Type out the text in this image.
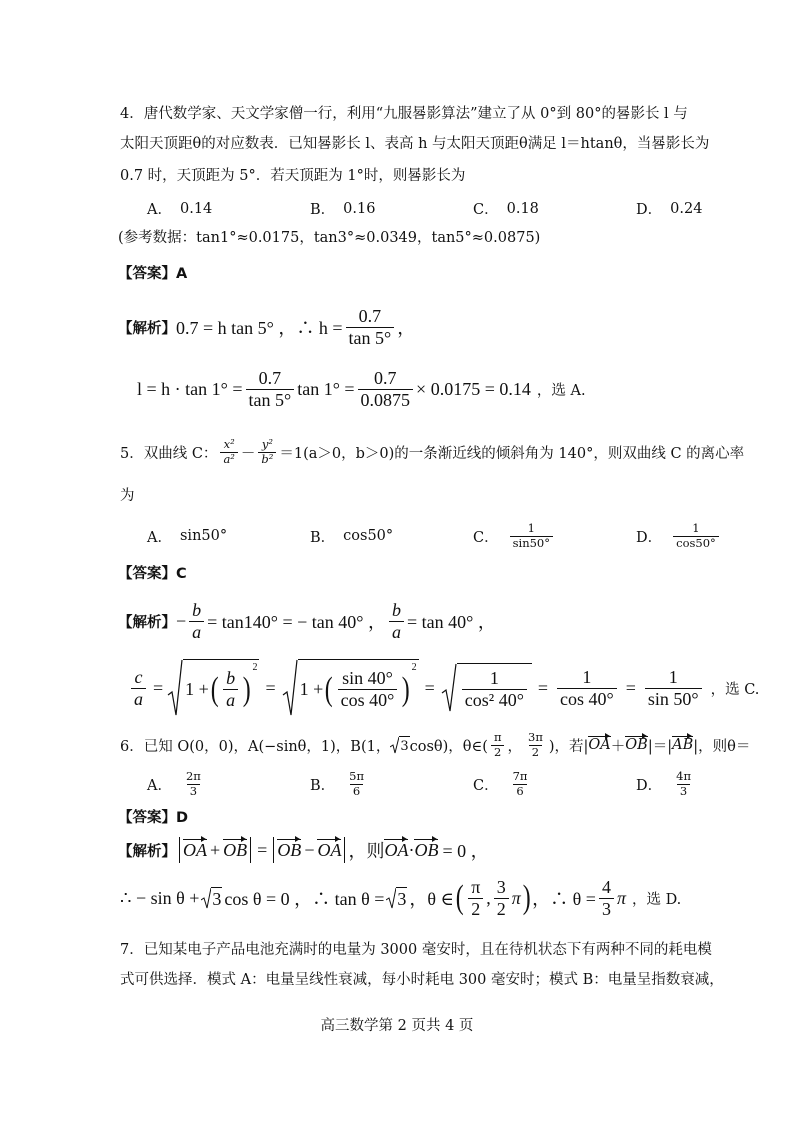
4．唐代数学家、天文学家僧一行，利用“九服晷影算法”建立了从 0°到 80°的晷影长 l 与
太阳天顶距θ的对应数表．已知晷影长 l、表高 h 与太阳天顶距θ满足 l＝htanθ，当晷影长为
0.7 时，天顶距为 5°．若天顶距为 1°时，则晷影长为
A． 0.14	B． 0.16	C． 0.18	D． 0.24
(参考数据：tan1°≈0.0175，tan3°≈0.0349，tan5°≈0.0875)
【答案】A
【解析】 0.7 = h tan 5° ，∴ $h = \frac{0.7}{\tan 5^\circ}$ ，
$l = h \cdot \tan 1^\circ = \frac{0.7}{\tan 5^\circ}$ $\tan 1^\circ = \frac{0.7}{0.0875} \times 0.0175 = 0.14$ ，选 A.
5．双曲线 C： $\frac{\text{x²}}{\text{a²}} - \frac{\text{y²}}{\text{b²}} =1(a>0$，b＞0)的一条渐近线的倾斜角为 140°，则双曲线 C 的离心率
为
A． sin50°	B． cos50°	C． $\frac{1}{\sin 50^\circ}$	D． $\frac{1}{\cos 50^\circ}$
【答案】C
【解析】 − $\frac{b}{a} = \tan 140^\circ$ = − tan 40° ， $\frac{b}{a} = \tan 40^\circ$ ，
$\frac{c}{a} = 1$ + ( $\frac{b}{a}$ )
2
= 1 + ( $\frac{\sin 40^\circ}{\cos 40^\circ}$ )
2
= $\frac{1}{\text{cos² 40°}} = \frac{1}{\cos 40^\circ} = \frac{1}{\sin 50^\circ}$ ，选 C.
6．已知 O(0，0)，A(−sinθ，1)，B(1， 3 cosθ)，θ∈( $\frac{\pi}{2}$ ， $\frac{3\pi}{2}$ )，若| OA ＋ OB |＝| AB |，则θ＝
A． $\frac{2\pi}{3}$	B． $\frac{5\pi}{6}$	C． $\frac{7\pi}{6}$	D． $\frac{4\pi}{3}$
【答案】D
【解析】 OA + OB = OB − OA ，则 OA · OB = 0 ，
∴ − sin θ + 3 cos θ = 0 ，∴ tan θ = 3 ，θ ∈ ( $\frac{\pi}{2}$ , $\frac{3}{2}$ π ) ，∴ $\theta = \frac{4}{3}$ π ，选 D.
7．已知某电子产品电池充满时的电量为 3000 毫安时，且在待机状态下有两种不同的耗电模
式可供选择．模式 A：电量呈线性衰减，每小时耗电 300 毫安时；模式 B：电量呈指数衰减，
高三数学第 2 页共 4 页
